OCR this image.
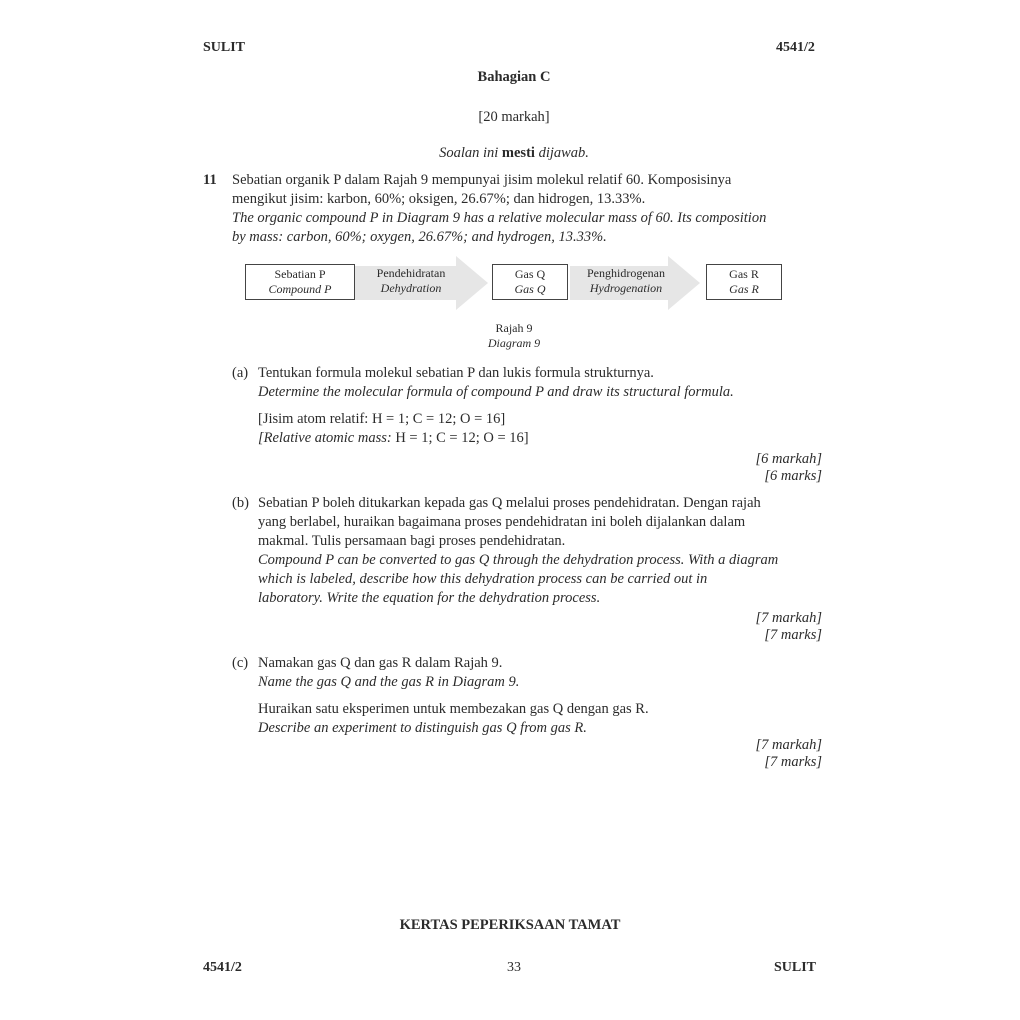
SULIT	4541/2
Bahagian C
[20 markah]
Soalan ini mesti dijawab.
11 Sebatian organik P dalam Rajah 9 mempunyai jisim molekul relatif 60. Komposisinya
mengikut jisim: karbon, 60%; oksigen, 26.67%; dan hidrogen, 13.33%.
The organic compound P in Diagram 9 has a relative molecular mass of 60. Its composition
by mass: carbon, 60%; oxygen, 26.67%; and hydrogen, 13.33%.
Sebatian P
Compound P
Pendehidratan
Dehydration
Gas Q
Gas Q
Penghidrogenan
Hydrogenation
Gas R
Gas R
Rajah 9
Diagram 9
(a) Tentukan formula molekul sebatian P dan lukis formula strukturnya.
Determine the molecular formula of compound P and draw its structural formula.
[Jisim atom relatif: H = 1; C = 12; O = 16]
[Relative atomic mass: H = 1; C = 12; O = 16]
[6 markah]
[6 marks]
(b) Sebatian P boleh ditukarkan kepada gas Q melalui proses pendehidratan. Dengan rajah
yang berlabel, huraikan bagaimana proses pendehidratan ini boleh dijalankan dalam
makmal. Tulis persamaan bagi proses pendehidratan.
Compound P can be converted to gas Q through the dehydration process. With a diagram
which is labeled, describe how this dehydration process can be carried out in
laboratory. Write the equation for the dehydration process.
[7 markah]
[7 marks]
(c) Namakan gas Q dan gas R dalam Rajah 9.
Name the gas Q and the gas R in Diagram 9.
Huraikan satu eksperimen untuk membezakan gas Q dengan gas R.
Describe an experiment to distinguish gas Q from gas R.
[7 markah]
[7 marks]
KERTAS PEPERIKSAAN TAMAT
4541/2	33	SULIT
